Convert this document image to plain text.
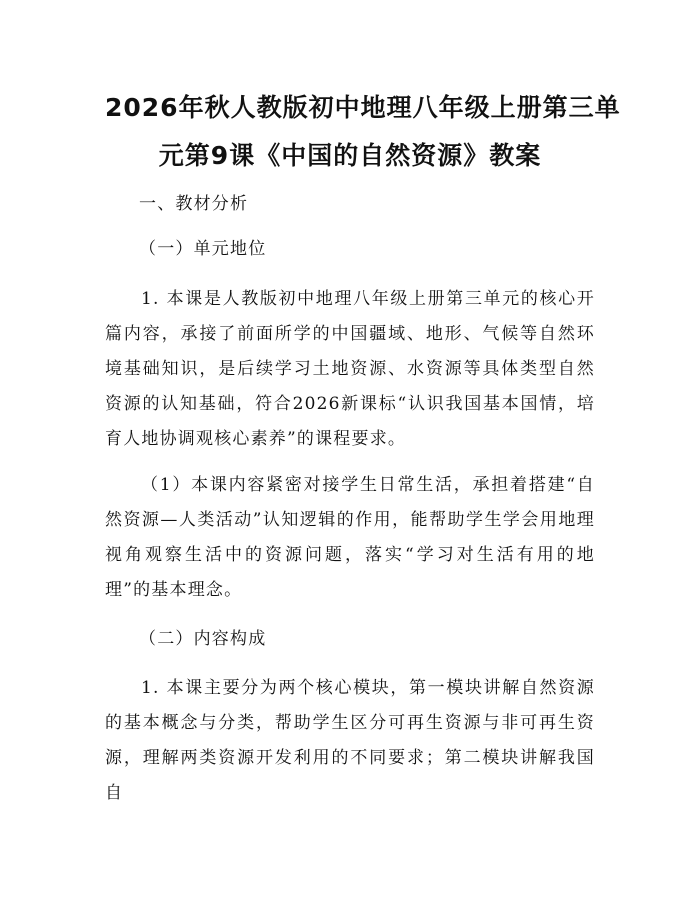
2026年秋人教版初中地理八年级上册第三单
元第9课《中国的自然资源》教案
一、教材分析
（一）单元地位

1. 本课是人教版初中地理八年级上册第三单元的核心开篇内容，承接了前面所学的中国疆域、地形、气候等自然环境基础知识，是后续学习土地资源、水资源等具体类型自然资源的认知基础，符合2026新课标“认识我国基本国情，培育人地协调观核心素养”的课程要求。

（1）本课内容紧密对接学生日常生活，承担着搭建“自然资源—人类活动”认知逻辑的作用，能帮助学生学会用地理视角观察生活中的资源问题，落实“学习对生活有用的地理”的基本理念。

（二）内容构成

1. 本课主要分为两个核心模块，第一模块讲解自然资源的基本概念与分类，帮助学生区分可再生资源与非可再生资源，理解两类资源开发利用的不同要求；第二模块讲解我国自
